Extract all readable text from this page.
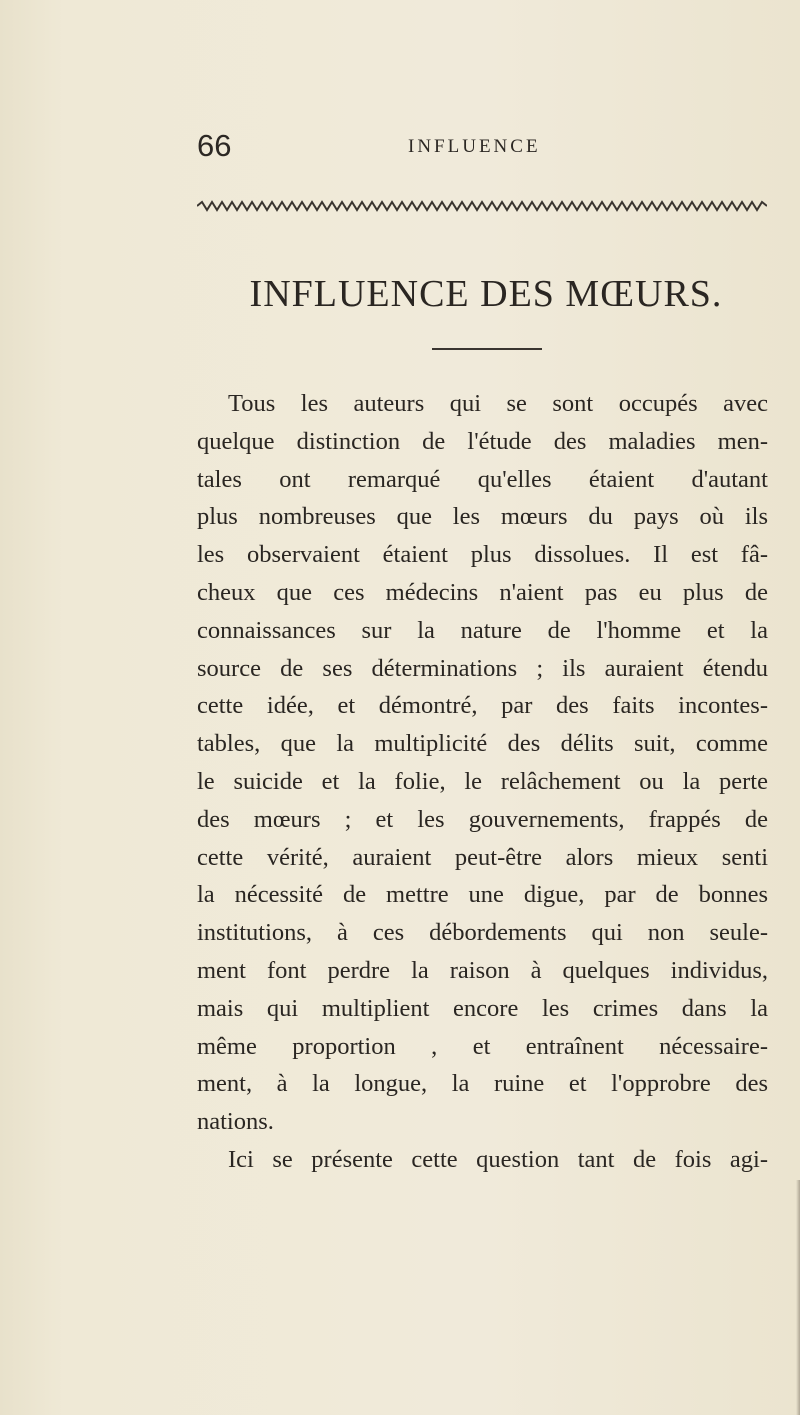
66	INFLUENCE
INFLUENCE DES MŒURS.
Tous les auteurs qui se sont occupés avec
quelque distinction de l'étude des maladies men-
tales ont remarqué qu'elles étaient d'autant
plus nombreuses que les mœurs du pays où ils
les observaient étaient plus dissolues. Il est fâ-
cheux que ces médecins n'aient pas eu plus de
connaissances sur la nature de l'homme et la
source de ses déterminations ; ils auraient étendu
cette idée, et démontré, par des faits incontes-
tables, que la multiplicité des délits suit, comme
le suicide et la folie, le relâchement ou la perte
des mœurs ; et les gouvernements, frappés de
cette vérité, auraient peut-être alors mieux senti
la nécessité de mettre une digue, par de bonnes
institutions, à ces débordements qui non seule-
ment font perdre la raison à quelques individus,
mais qui multiplient encore les crimes dans la
même proportion , et entraînent nécessaire-
ment, à la longue, la ruine et l'opprobre des
nations.
Ici se présente cette question tant de fois agi-
